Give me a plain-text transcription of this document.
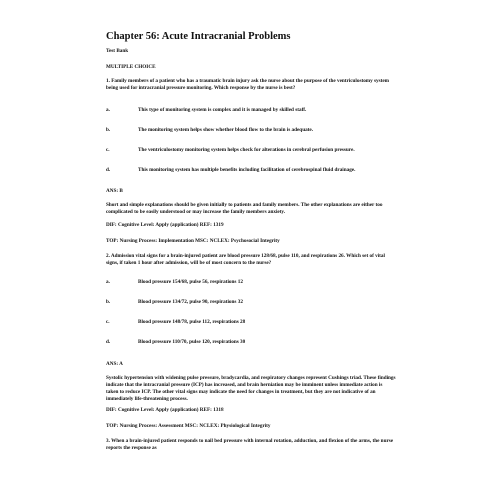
Chapter 56: Acute Intracranial Problems

Test Bank

MULTIPLE CHOICE

1. Family members of a patient who has a traumatic brain injury ask the nurse about the purpose of the ventriculostomy system being used for intracranial pressure monitoring. Which response by the nurse is best?

a.	This type of monitoring system is complex and it is managed by skilled staff.
b.	The monitoring system helps show whether blood flow to the brain is adequate.
c.	The ventriculostomy monitoring system helps check for alterations in cerebral perfusion pressure.
d.	This monitoring system has multiple benefits including facilitation of cerebrospinal fluid drainage.

ANS: B

Short and simple explanations should be given initially to patients and family members. The other explanations are either too complicated to be easily understood or may increase the family members anxiety.

DIF: Cognitive Level: Apply (application) REF: 1319

TOP: Nursing Process: Implementation MSC: NCLEX: Psychosocial Integrity

2. Admission vital signs for a brain-injured patient are blood pressure 128/68, pulse 110, and respirations 26. Which set of vital signs, if taken 1 hour after admission, will be of most concern to the nurse?

a.	Blood pressure 154/68, pulse 56, respirations 12
b.	Blood pressure 134/72, pulse 90, respirations 32
c.	Blood pressure 148/78, pulse 112, respirations 28
d.	Blood pressure 110/70, pulse 120, respirations 30

ANS: A

Systolic hypertension with widening pulse pressure, bradycardia, and respiratory changes represent Cushings triad. These findings indicate that the intracranial pressure (ICP) has increased, and brain herniation may be imminent unless immediate action is taken to reduce ICP. The other vital signs may indicate the need for changes in treatment, but they are not indicative of an immediately life-threatening process.

DIF: Cognitive Level: Apply (application) REF: 1318

TOP: Nursing Process: Assessment MSC: NCLEX: Physiological Integrity

3. When a brain-injured patient responds to nail bed pressure with internal rotation, adduction, and flexion of the arms, the nurse reports the response as
